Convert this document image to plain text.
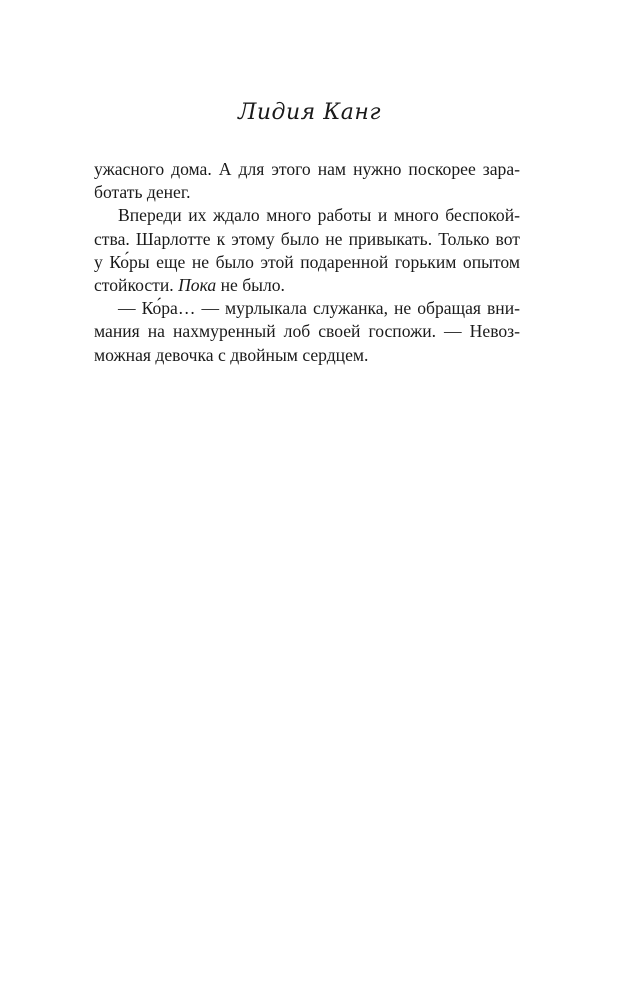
Лидия Канг
ужасного дома. А для этого нам нужно поскорее зара-
ботать денег.
Впереди их ждало много работы и много беспокой-
ства. Шарлотте к этому было не привыкать. Только вот
у Ко́ры еще не было этой подаренной горьким опытом
стойкости. Пока не было.
— Ко́ра… — мурлыкала служанка, не обращая вни-
мания на нахмуренный лоб своей госпожи. — Невоз-
можная девочка с двойным сердцем.
